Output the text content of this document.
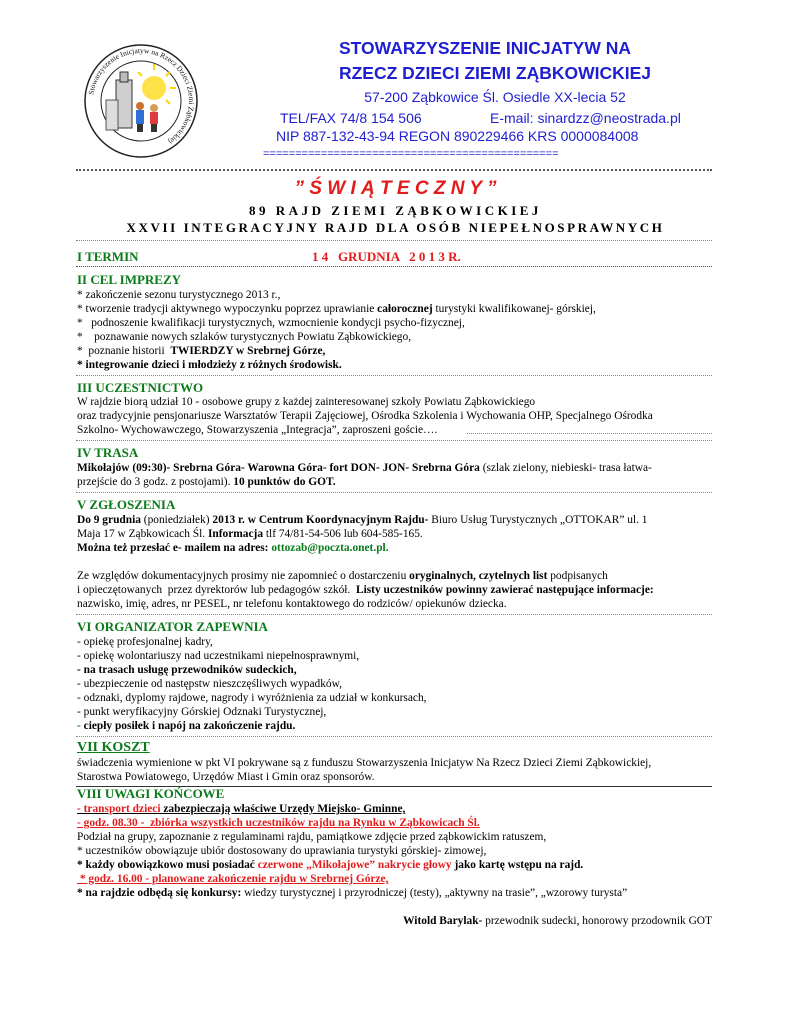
Stowarzyszenie Inicjatyw na Rzecz Dzieci Ziemi Ząbkowickiej
STOWARZYSZENIE INICJATYW NA
RZECZ DZIECI ZIEMI ZĄBKOWICKIEJ
57-200 Ząbkowice Śl. Osiedle XX-lecia 52
TEL/FAX 74/8 154 506	E-mail: sinardzz@neostrada.pl
NIP 887-132-43-94 REGON 890229466 KRS 0000084008
==============================================
” Ś W I Ą T E C Z N Y ”
89 RAJD ZIEMI ZĄBKOWICKIEJ
XXVII INTEGRACYJNY RAJD DLA OSÓB NIEPEŁNOSPRAWNYCH
I TERMIN	1 4   GRUDNIA   2 0 1 3 R.
II CEL IMPREZY
* zakończenie sezonu turystycznego 2013 r.,
* tworzenie tradycji aktywnego wypoczynku poprzez uprawianie całorocznej turystyki kwalifikowanej- górskiej,
*   podnoszenie kwalifikacji turystycznych, wzmocnienie kondycji psycho-fizycznej,
*    poznawanie nowych szlaków turystycznych Powiatu Ząbkowickiego,
*  poznanie historii  TWIERDZY w Srebrnej Górze,
* integrowanie dzieci i młodzieży z różnych środowisk.
III UCZESTNICTWO
W rajdzie biorą udział 10 - osobowe grupy z każdej zainteresowanej szkoły Powiatu Ząbkowickiego
oraz tradycyjnie pensjonariusze Warsztatów Terapii Zajęciowej, Ośrodka Szkolenia i Wychowania OHP, Specjalnego Ośrodka
Szkolno- Wychowawczego, Stowarzyszenia „Integracja”, zaproszeni goście….
IV TRASA
Mikołajów (09:30)- Srebrna Góra- Warowna Góra- fort DON- JON- Srebrna Góra (szlak zielony, niebieski- trasa łatwa-
przejście do 3 godz. z postojami). 10 punktów do GOT.
V ZGŁOSZENIA
Do 9 grudnia (poniedziałek) 2013 r. w Centrum Koordynacyjnym Rajdu- Biuro Usług Turystycznych „OTTOKAR” ul. 1
Maja 17 w Ząbkowicach Śl. Informacja tlf 74/81-54-506 lub 604-585-165.
Można też przesłać e- mailem na adres: ottozab@poczta.onet.pl.
Ze względów dokumentacyjnych prosimy nie zapomnieć o dostarczeniu oryginalnych, czytelnych list podpisanych
i opieczętowanych  przez dyrektorów lub pedagogów szkół.  Listy uczestników powinny zawierać następujące informacje:
nazwisko, imię, adres, nr PESEL, nr telefonu kontaktowego do rodziców/ opiekunów dziecka.
VI ORGANIZATOR ZAPEWNIA
- opiekę profesjonalnej kadry,
- opiekę wolontariuszy nad uczestnikami niepełnosprawnymi,
- na trasach usługę przewodników sudeckich,
- ubezpieczenie od następstw nieszczęśliwych wypadków,
- odznaki, dyplomy rajdowe, nagrody i wyróżnienia za udział w konkursach,
- punkt weryfikacyjny Górskiej Odznaki Turystycznej,
- ciepły posiłek i napój na zakończenie rajdu.
VII KOSZT
świadczenia wymienione w pkt VI pokrywane są z funduszu Stowarzyszenia Inicjatyw Na Rzecz Dzieci Ziemi Ząbkowickiej,
Starostwa Powiatowego, Urzędów Miast i Gmin oraz sponsorów.
VIII UWAGI KOŃCOWE
- transport dzieci zabezpieczają właściwe Urzędy Miejsko- Gminne,
- godz. 08.30 -  zbiórka wszystkich uczestników rajdu na Rynku w Ząbkowicach Śl.
Podział na grupy, zapoznanie z regulaminami rajdu, pamiątkowe zdjęcie przed ząbkowickim ratuszem,
* uczestników obowiązuje ubiór dostosowany do uprawiania turystyki górskiej- zimowej,
* każdy obowiązkowo musi posiadać czerwone „Mikołajowe” nakrycie głowy jako kartę wstępu na rajd.
* godz. 16.00 - planowane zakończenie rajdu w Srebrnej Górze,
* na rajdzie odbędą się konkursy: wiedzy turystycznej i przyrodniczej (testy), „aktywny na trasie”, „wzorowy turysta”
Witold Barylak- przewodnik sudecki, honorowy przodownik GOT
